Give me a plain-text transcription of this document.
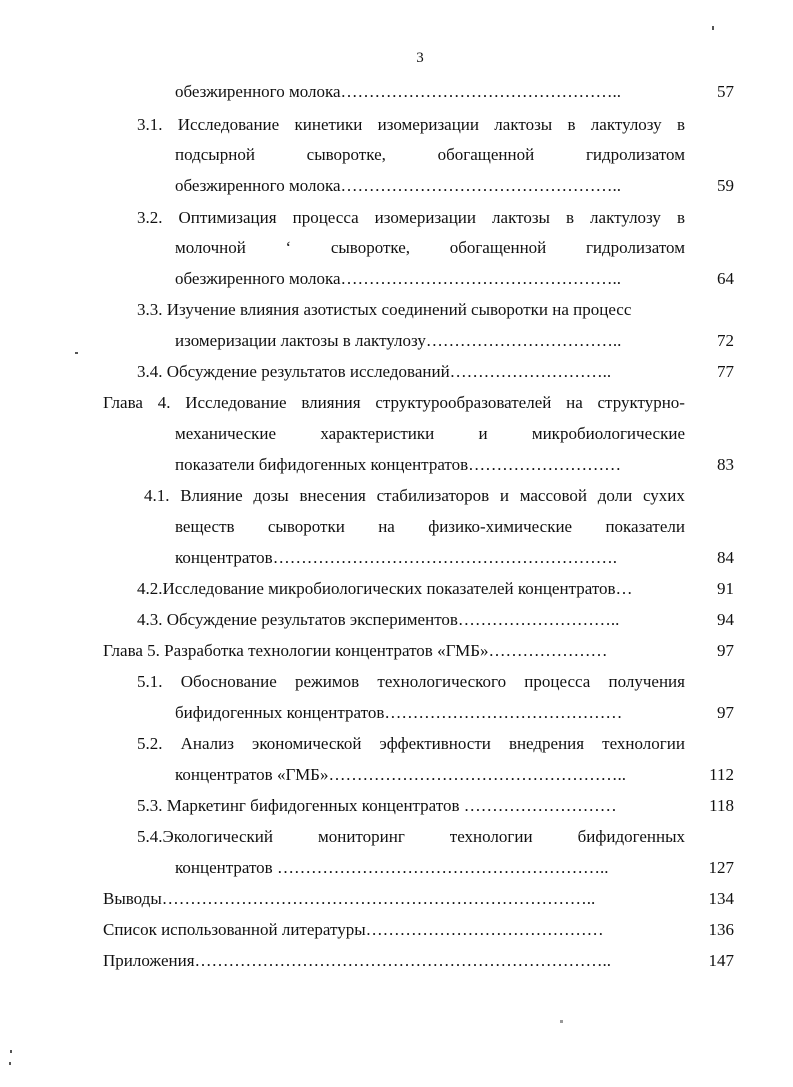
3
обезжиренного молока…………………………………………..	57
3.1. Исследование кинетики изомеризации лактозы в лактулозу в
подсырной	сыворотке,	обогащенной	гидролизатом
обезжиренного молока…………………………………………..	59
3.2. Оптимизация процесса изомеризации лактозы в лактулозу в
молочной ʻ сыворотке, обогащенной гидролизатом
обезжиренного молока…………………………………………..	64
3.3. Изучение влияния азотистых соединений сыворотки на процесс
изомеризации лактозы в лактулозу……………………………..	72
3.4. Обсуждение результатов исследований………………………..	77
Глава 4. Исследование влияния структурообразователей на структурно-
механические	характеристики	и	микробиологические
показатели бифидогенных концентратов………………………	83
4.1. Влияние дозы внесения стабилизаторов и массовой доли сухих
веществ сыворотки на физико-химические показатели
концентратов…………………………………………………….	84
4.2.Исследование микробиологических показателей концентратов…	91
4.3. Обсуждение результатов экспериментов………………………..	94
Глава 5. Разработка технологии концентратов «ГМБ»…………………	97
5.1. Обоснование режимов технологического процесса получения
бифидогенных концентратов……………………………………	97
5.2. Анализ экономической эффективности внедрения технологии
концентратов «ГМБ»……………………………………………..	112
5.3. Маркетинг бифидогенных концентратов ………………………	118
5.4.Экологический	мониторинг	технологии	бифидогенных
концентратов …………………………………………………..	127
Выводы…………………………………………………………………..	134
Список использованной литературы……………………………………	136
Приложения………………………………………………………………..	147
